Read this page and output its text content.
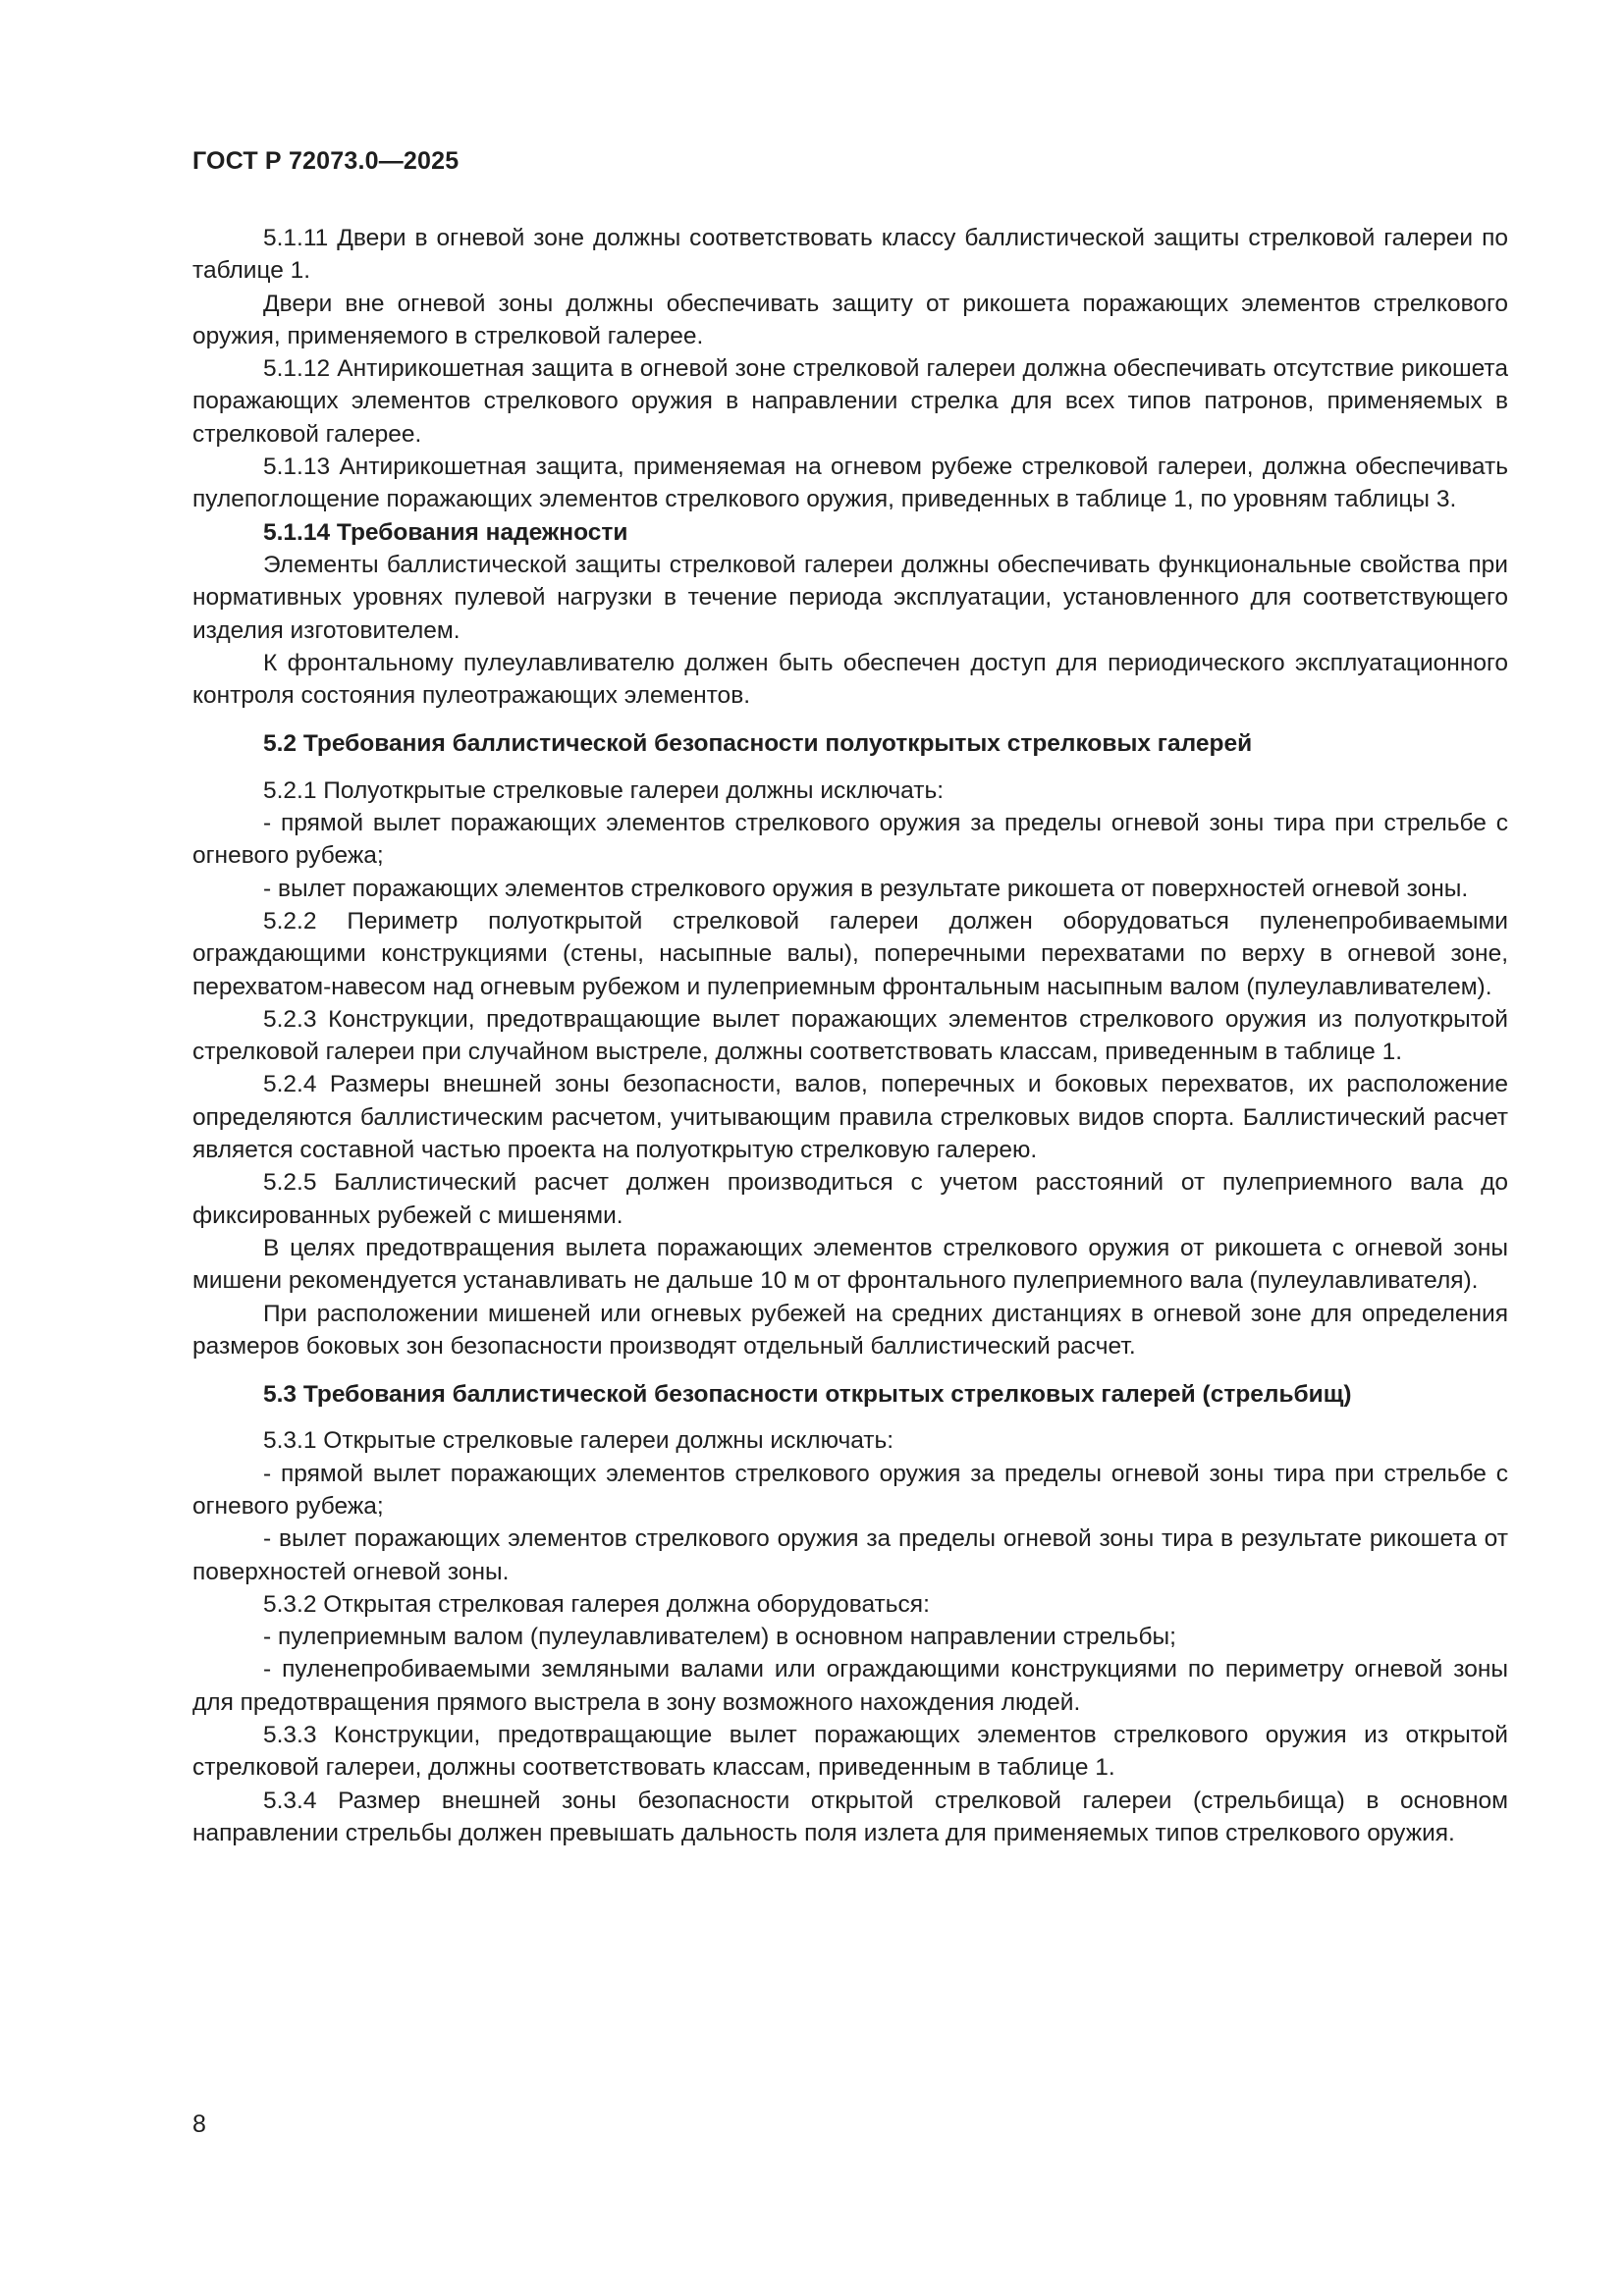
ГОСТ Р 72073.0—2025

5.1.11 Двери в огневой зоне должны соответствовать классу баллистической защиты стрелковой галереи по таблице 1.

Двери вне огневой зоны должны обеспечивать защиту от рикошета поражающих элементов стрелкового оружия, применяемого в стрелковой галерее.

5.1.12 Антирикошетная защита в огневой зоне стрелковой галереи должна обеспечивать отсутствие рикошета поражающих элементов стрелкового оружия в направлении стрелка для всех типов патронов, применяемых в стрелковой галерее.

5.1.13 Антирикошетная защита, применяемая на огневом рубеже стрелковой галереи, должна обеспечивать пулепоглощение поражающих элементов стрелкового оружия, приведенных в таблице 1, по уровням таблицы 3.

5.1.14 Требования надежности

Элементы баллистической защиты стрелковой галереи должны обеспечивать функциональные свойства при нормативных уровнях пулевой нагрузки в течение периода эксплуатации, установленного для соответствующего изделия изготовителем.

К фронтальному пулеулавливателю должен быть обеспечен доступ для периодического эксплуатационного контроля состояния пулеотражающих элементов.

5.2 Требования баллистической безопасности полуоткрытых стрелковых галерей

5.2.1 Полуоткрытые стрелковые галереи должны исключать:

- прямой вылет поражающих элементов стрелкового оружия за пределы огневой зоны тира при стрельбе с огневого рубежа;

- вылет поражающих элементов стрелкового оружия в результате рикошета от поверхностей огневой зоны.

5.2.2 Периметр полуоткрытой стрелковой галереи должен оборудоваться пуленепробиваемыми ограждающими конструкциями (стены, насыпные валы), поперечными перехватами по верху в огневой зоне, перехватом-навесом над огневым рубежом и пулеприемным фронтальным насыпным валом (пулеулавливателем).

5.2.3 Конструкции, предотвращающие вылет поражающих элементов стрелкового оружия из полуоткрытой стрелковой галереи при случайном выстреле, должны соответствовать классам, приведенным в таблице 1.

5.2.4 Размеры внешней зоны безопасности, валов, поперечных и боковых перехватов, их расположение определяются баллистическим расчетом, учитывающим правила стрелковых видов спорта. Баллистический расчет является составной частью проекта на полуоткрытую стрелковую галерею.

5.2.5 Баллистический расчет должен производиться с учетом расстояний от пулеприемного вала до фиксированных рубежей с мишенями.

В целях предотвращения вылета поражающих элементов стрелкового оружия от рикошета с огневой зоны мишени рекомендуется устанавливать не дальше 10 м от фронтального пулеприемного вала (пулеулавливателя).

При расположении мишеней или огневых рубежей на средних дистанциях в огневой зоне для определения размеров боковых зон безопасности производят отдельный баллистический расчет.

5.3 Требования баллистической безопасности открытых стрелковых галерей (стрельбищ)

5.3.1 Открытые стрелковые галереи должны исключать:

- прямой вылет поражающих элементов стрелкового оружия за пределы огневой зоны тира при стрельбе с огневого рубежа;

- вылет поражающих элементов стрелкового оружия за пределы огневой зоны тира в результате рикошета от поверхностей огневой зоны.

5.3.2 Открытая стрелковая галерея должна оборудоваться:

- пулеприемным валом (пулеулавливателем) в основном направлении стрельбы;

- пуленепробиваемыми земляными валами или ограждающими конструкциями по периметру огневой зоны для предотвращения прямого выстрела в зону возможного нахождения людей.

5.3.3 Конструкции, предотвращающие вылет поражающих элементов стрелкового оружия из открытой стрелковой галереи, должны соответствовать классам, приведенным в таблице 1.

5.3.4 Размер внешней зоны безопасности открытой стрелковой галереи (стрельбища) в основном направлении стрельбы должен превышать дальность поля излета для применяемых типов стрелкового оружия.

8
